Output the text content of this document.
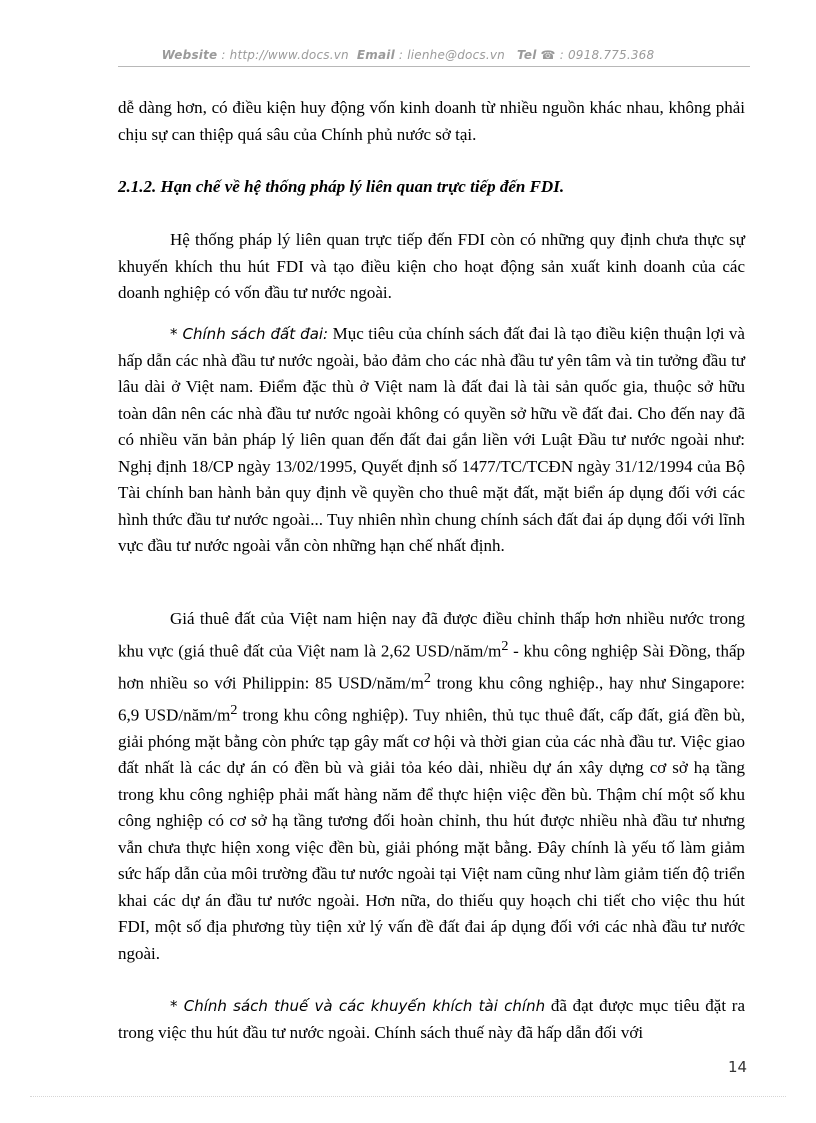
Website : http://www.docs.vn Email : lienhe@docs.vn Tel ☎ : 0918.775.368

dễ dàng hơn, có điều kiện huy động vốn kinh doanh từ nhiều nguồn khác nhau, không phải chịu sự can thiệp quá sâu của Chính phủ nước sở tại.

2.1.2. Hạn chế về hệ thống pháp lý liên quan trực tiếp đến FDI.

Hệ thống pháp lý liên quan trực tiếp đến FDI còn có những quy định chưa thực sự khuyến khích thu hút FDI và tạo điều kiện cho hoạt động sản xuất kinh doanh của các doanh nghiệp có vốn đầu tư nước ngoài.

* Chính sách đất đai: Mục tiêu của chính sách đất đai là tạo điều kiện thuận lợi và hấp dẫn các nhà đầu tư nước ngoài, bảo đảm cho các nhà đầu tư yên tâm và tin tưởng đầu tư lâu dài ở Việt nam. Điểm đặc thù ở Việt nam là đất đai là tài sản quốc gia, thuộc sở hữu toàn dân nên các nhà đầu tư nước ngoài không có quyền sở hữu về đất đai. Cho đến nay đã có nhiều văn bản pháp lý liên quan đến đất đai gắn liền với Luật Đầu tư nước ngoài như: Nghị định 18/CP ngày 13/02/1995, Quyết định số 1477/TC/TCĐN ngày 31/12/1994 của Bộ Tài chính ban hành bản quy định về quyền cho thuê mặt đất, mặt biển áp dụng đối với các hình thức đầu tư nước ngoài... Tuy nhiên nhìn chung chính sách đất đai áp dụng đối với lĩnh vực đầu tư nước ngoài vẫn còn những hạn chế nhất định.

Giá thuê đất của Việt nam hiện nay đã được điều chỉnh thấp hơn nhiều nước trong khu vực (giá thuê đất của Việt nam là 2,62 USD/$năm/m^2$ - khu công nghiệp Sài Đồng, thấp hơn nhiều so với Philippin: 85 USD/$năm/m^2$ trong khu công nghiệp., hay như Singapore: 6,9 USD/$năm/m^2$ trong khu công nghiệp). Tuy nhiên, thủ tục thuê đất, cấp đất, giá đền bù, giải phóng mặt bằng còn phức tạp gây mất cơ hội và thời gian của các nhà đầu tư. Việc giao đất nhất là các dự án có đền bù và giải tỏa kéo dài, nhiều dự án xây dựng cơ sở hạ tầng trong khu công nghiệp phải mất hàng năm để thực hiện việc đền bù. Thậm chí một số khu công nghiệp có cơ sở hạ tầng tương đối hoàn chỉnh, thu hút được nhiều nhà đầu tư nhưng vẫn chưa thực hiện xong việc đền bù, giải phóng mặt bằng. Đây chính là yếu tố làm giảm sức hấp dẫn của môi trường đầu tư nước ngoài tại Việt nam cũng như làm giảm tiến độ triển khai các dự án đầu tư nước ngoài. Hơn nữa, do thiếu quy hoạch chi tiết cho việc thu hút FDI, một số địa phương tùy tiện xử lý vấn đề đất đai áp dụng đối với các nhà đầu tư nước ngoài.

* Chính sách thuế và các khuyến khích tài chính đã đạt được mục tiêu đặt ra trong việc thu hút đầu tư nước ngoài. Chính sách thuế này đã hấp dẫn đối với

14
